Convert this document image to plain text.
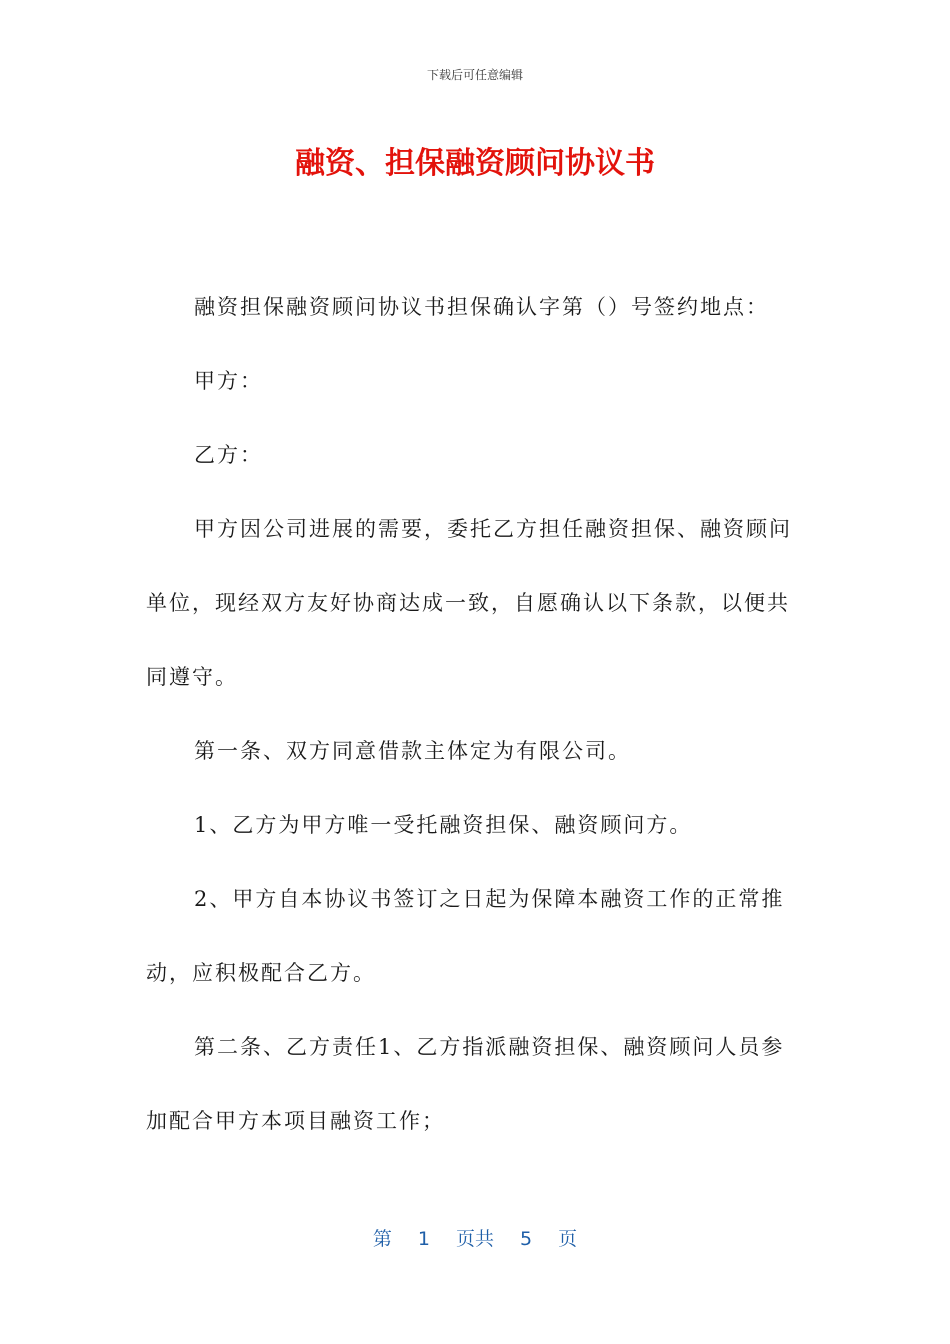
下载后可任意编辑
融资、担保融资顾问协议书

融资担保融资顾问协议书担保确认字第（）号签约地点：

甲方：

乙方：

甲方因公司进展的需要，委托乙方担任融资担保、融资顾问单位，现经双方友好协商达成一致，自愿确认以下条款，以便共同遵守。

第一条、双方同意借款主体定为有限公司。

1、乙方为甲方唯一受托融资担保、融资顾问方。

2、甲方自本协议书签订之日起为保障本融资工作的正常推动，应积极配合乙方。

第二条、乙方责任1、乙方指派融资担保、融资顾问人员参加配合甲方本项目融资工作；

第 1 页共 5 页
